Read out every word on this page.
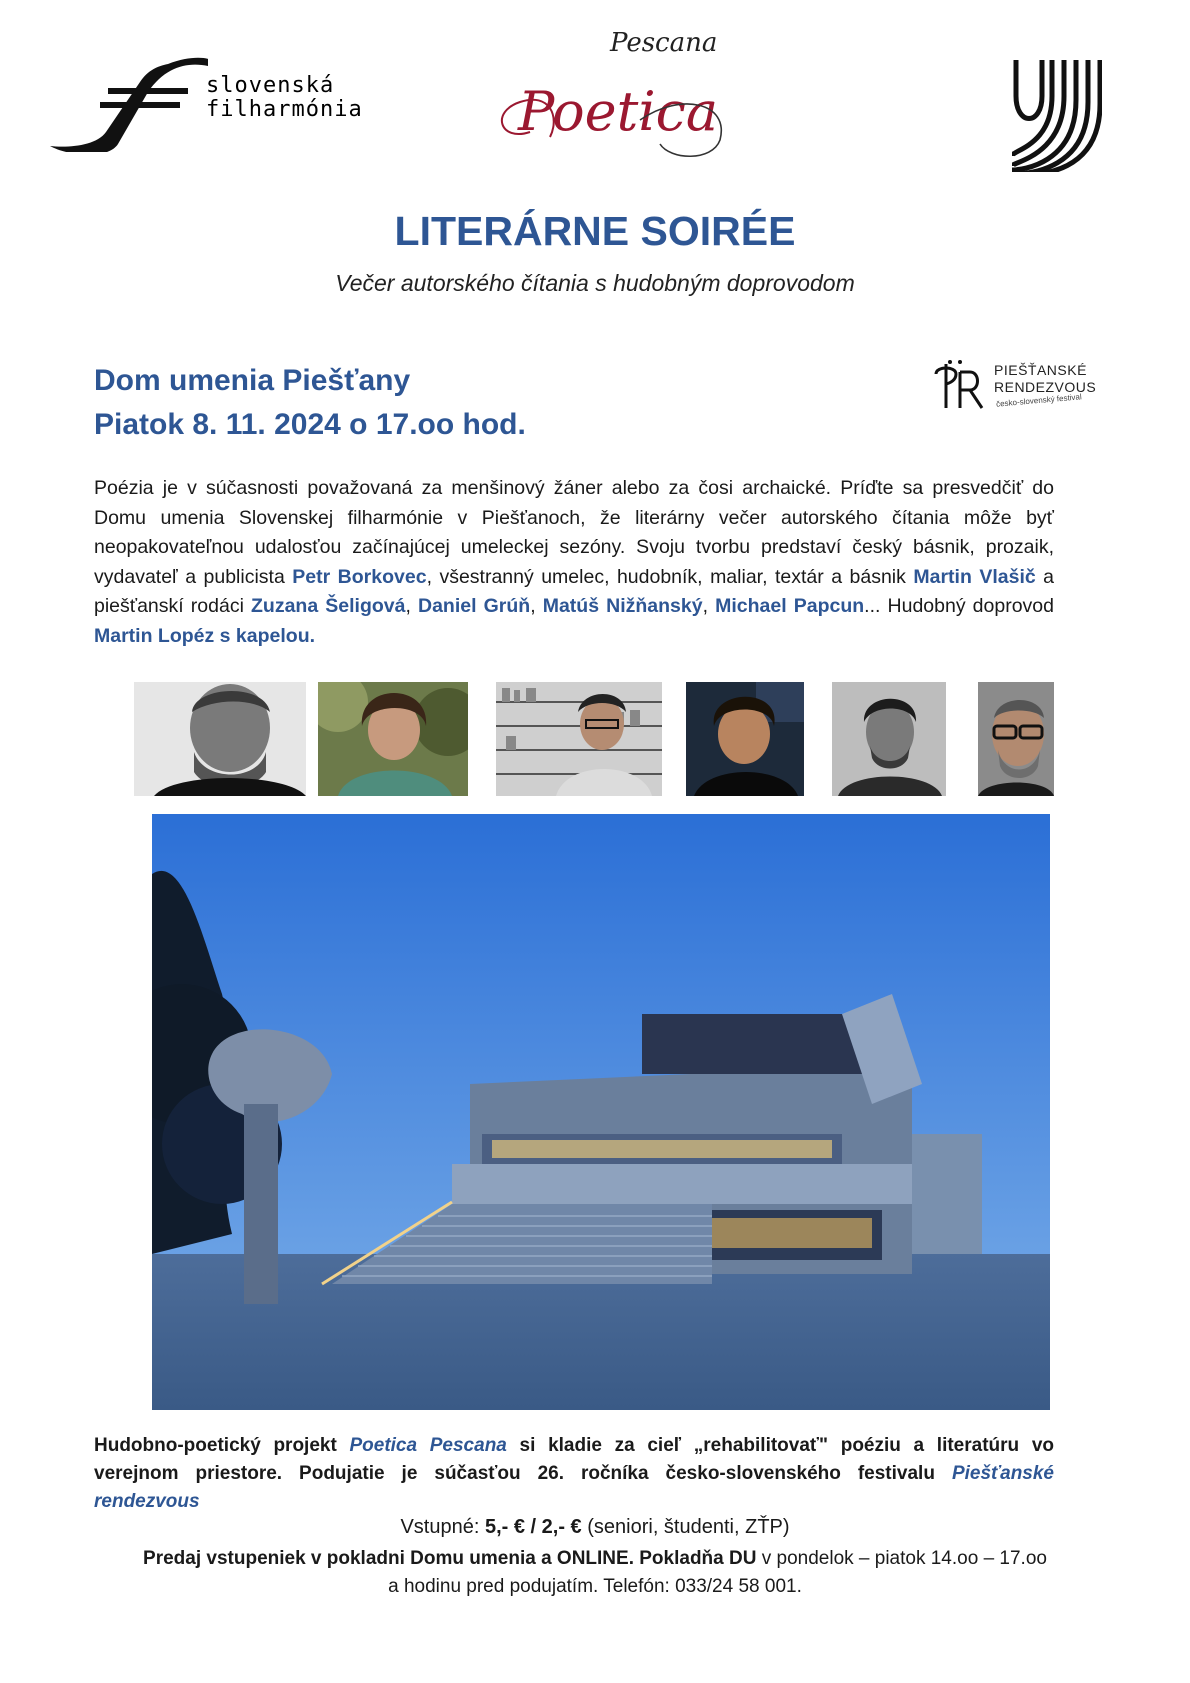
slovenská
filharmónia
Pescana
Poetica
PIEŠŤANSKÉ
RENDEZVOUS
česko-slovenský festival
LITERÁRNE SOIRÉE
Večer autorského čítania s hudobným doprovodom
Dom umenia Piešťany
Piatok 8. 11. 2024 o 17.oo hod.
Poézia je v súčasnosti považovaná za menšinový žáner alebo za čosi archaické. Príďte sa presvedčiť do Domu umenia Slovenskej filharmónie v Piešťanoch, že literárny večer autorského čítania môže byť neopakovateľnou udalosťou začínajúcej umeleckej sezóny. Svoju tvorbu predstaví český básnik, prozaik, vydavateľ a publicista Petr Borkovec, všestranný umelec, hudobník, maliar, textár a básnik Martin Vlašič a piešťanskí rodáci Zuzana Šeligová, Daniel Grúň, Matúš Nižňanský, Michael Papcun... Hudobný doprovod Martin Lopéz s kapelou.
Hudobno-poetický projekt Poetica Pescana si kladie za cieľ „rehabilitovať" poéziu a literatúru vo verejnom priestore. Podujatie je súčasťou 26. ročníka česko-slovenského festivalu Piešťanské rendezvous
Vstupné: 5,- € / 2,- € (seniori, študenti, ZŤP)
Predaj vstupeniek v pokladni Domu umenia a ONLINE. Pokladňa DU v pondelok – piatok 14.oo – 17.oo
a hodinu pred podujatím. Telefón: 033/24 58 001.
